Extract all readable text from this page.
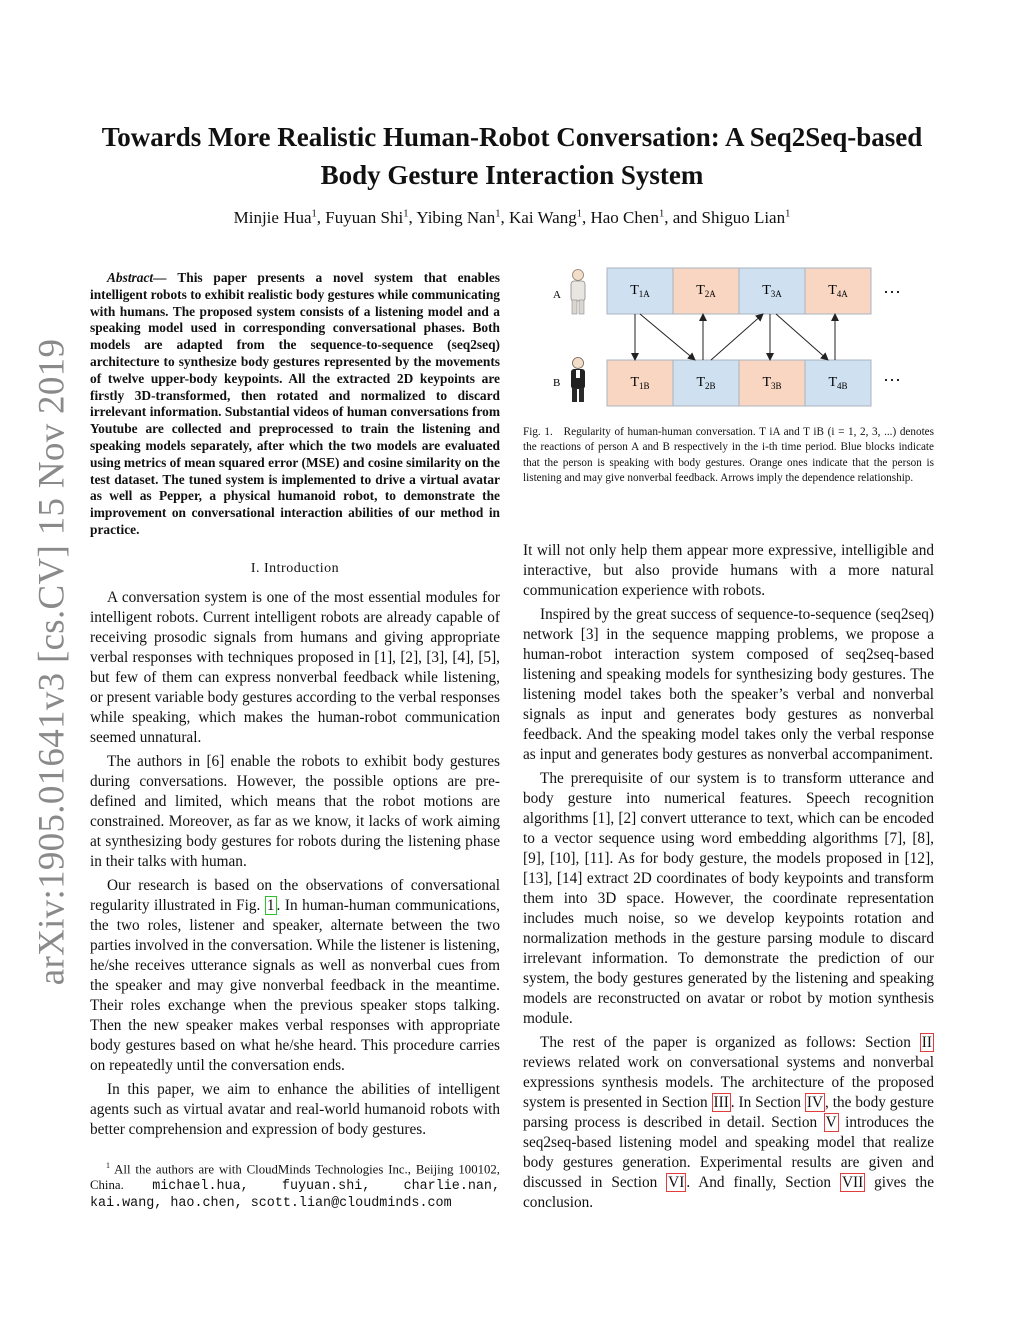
arXiv:1905.01641v3 [cs.CV] 15 Nov 2019
Towards More Realistic Human-Robot Conversation: A Seq2Seq-based
Body Gesture Interaction System
Minjie Hua$^1$, Fuyuan Shi$^1$, Yibing Nan$^1$, Kai Wang$^1$, Hao Chen$^1$, and Shiguo Lian$^1$

Abstract— This paper presents a novel system that enables intelligent robots to exhibit realistic body gestures while communicating with humans. The proposed system consists of a listening model and a speaking model used in corresponding conversational phases. Both models are adapted from the sequence-to-sequence (seq2seq) architecture to synthesize body gestures represented by the movements of twelve upper-body keypoints. All the extracted 2D keypoints are firstly 3D-transformed, then rotated and normalized to discard irrelevant information. Substantial videos of human conversations from Youtube are collected and preprocessed to train the listening and speaking models separately, after which the two models are evaluated using metrics of mean squared error (MSE) and cosine similarity on the test dataset. The tuned system is implemented to drive a virtual avatar as well as Pepper, a physical humanoid robot, to demonstrate the improvement on conversational interaction abilities of our method in practice.

I. Introduction

A conversation system is one of the most essential modules for intelligent robots. Current intelligent robots are already capable of receiving prosodic signals from humans and giving appropriate verbal responses with techniques proposed in [1], [2], [3], [4], [5], but few of them can express nonverbal feedback while listening, or present variable body gestures according to the verbal responses while speaking, which makes the human-robot communication seemed unnatural.

The authors in [6] enable the robots to exhibit body gestures during conversations. However, the possible options are pre-defined and limited, which means that the robot motions are constrained. Moreover, as far as we know, it lacks of work aiming at synthesizing body gestures for robots during the listening phase in their talks with human.

Our research is based on the observations of conversational regularity illustrated in Fig. 1 . In human-human communications, the two roles, listener and speaker, alternate between the two parties involved in the conversation. While the listener is listening, he/she receives utterance signals as well as nonverbal cues from the speaker and may give nonverbal feedback in the meantime. Their roles exchange when the previous speaker stops talking. Then the new speaker makes verbal responses with appropriate body gestures based on what he/she heard. This procedure carries on repeatedly until the conversation ends.

In this paper, we aim to enhance the abilities of intelligent agents such as virtual avatar and real-world humanoid robots with better comprehension and expression of body gestures.

$^1$ All the authors are with CloudMinds Technologies Inc., Beijing 100102, China. michael.hua, fuyuan.shi, charlie.nan, kai.wang, hao.chen, scott.lian@cloudminds.com
A
B
$T_{1A}$	$T_{2A}$	$T_{3A}$	$T_{4A}$
$T_{1B}$	$T_{2B}$	$T_{3B}$	$T_{4B}$
···
···
Fig. 1. Regularity of human-human conversation. T iA and T iB (i = 1, 2, 3, ...) denotes the reactions of person A and B respectively in the i-th time period. Blue blocks indicate that the person is speaking with body gestures. Orange ones indicate that the person is listening and may give nonverbal feedback. Arrows imply the dependence relationship.

It will not only help them appear more expressive, intelligible and interactive, but also provide humans with a more natural communication experience with robots.

Inspired by the great success of sequence-to-sequence (seq2seq) network [3] in the sequence mapping problems, we propose a human-robot interaction system composed of seq2seq-based listening and speaking models for synthesizing body gestures. The listening model takes both the speaker’s verbal and nonverbal signals as input and generates body gestures as nonverbal feedback. And the speaking model takes only the verbal response as input and generates body gestures as nonverbal accompaniment.

The prerequisite of our system is to transform utterance and body gesture into numerical features. Speech recognition algorithms [1], [2] convert utterance to text, which can be encoded to a vector sequence using word embedding algorithms [7], [8], [9], [10], [11]. As for body gesture, the models proposed in [12], [13], [14] extract 2D coordinates of body keypoints and transform them into 3D space. However, the coordinate representation includes much noise, so we develop keypoints rotation and normalization methods in the gesture parsing module to discard irrelevant information. To demonstrate the prediction of our system, the body gestures generated by the listening and speaking models are reconstructed on avatar or robot by motion synthesis module.

The rest of the paper is organized as follows: Section II reviews related work on conversational systems and nonverbal expressions synthesis models. The architecture of the proposed system is presented in Section III . In Section IV , the body gesture parsing process is described in detail. Section V introduces the seq2seq-based listening model and speaking model that realize body gestures generation. Experimental results are given and discussed in Section VI . And finally, Section VII gives the conclusion.
